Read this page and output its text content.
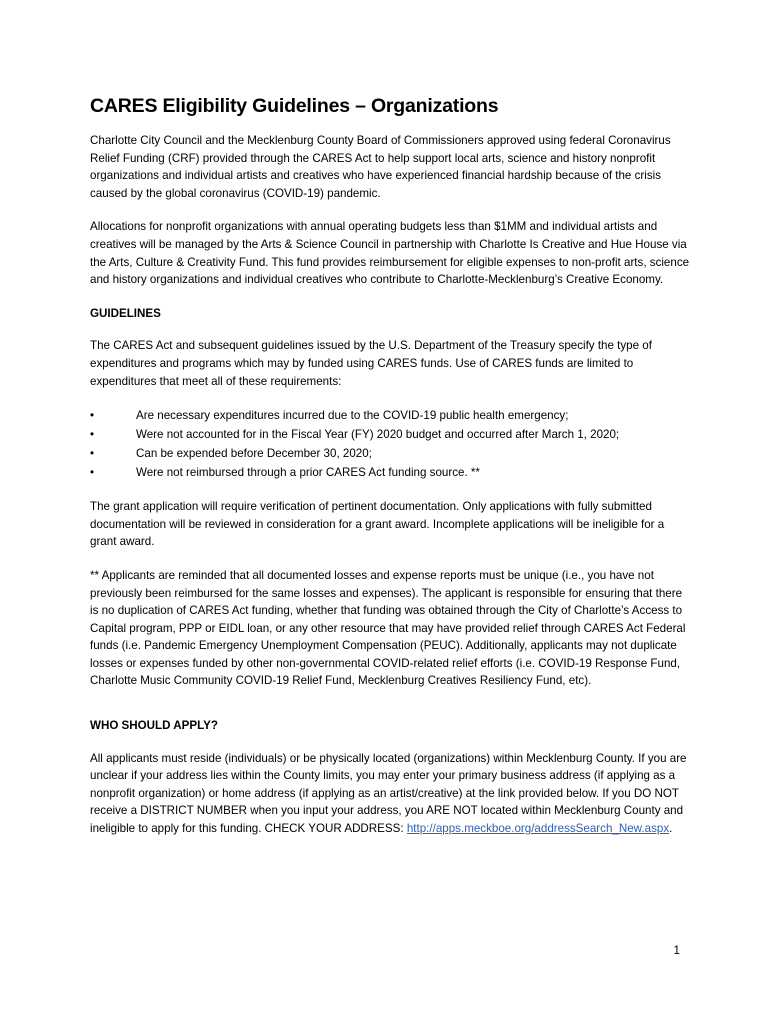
CARES Eligibility Guidelines – Organizations

Charlotte City Council and the Mecklenburg County Board of Commissioners approved using federal Coronavirus Relief Funding (CRF) provided through the CARES Act to help support local arts, science and history nonprofit organizations and individual artists and creatives who have experienced financial hardship because of the crisis caused by the global coronavirus (COVID-19) pandemic.

Allocations for nonprofit organizations with annual operating budgets less than $1MM and individual artists and creatives will be managed by the Arts & Science Council in partnership with Charlotte Is Creative and Hue House via the Arts, Culture & Creativity Fund. This fund provides reimbursement for eligible expenses to non-profit arts, science and history organizations and individual creatives who contribute to Charlotte-Mecklenburg’s Creative Economy.

GUIDELINES

The CARES Act and subsequent guidelines issued by the U.S. Department of the Treasury specify the type of expenditures and programs which may by funded using CARES funds. Use of CARES funds are limited to expenditures that meet all of these requirements:

•	Are necessary expenditures incurred due to the COVID-19 public health emergency;
•	Were not accounted for in the Fiscal Year (FY) 2020 budget and occurred after March 1, 2020;
•	Can be expended before December 30, 2020;
•	Were not reimbursed through a prior CARES Act funding source. **

The grant application will require verification of pertinent documentation. Only applications with fully submitted documentation will be reviewed in consideration for a grant award. Incomplete applications will be ineligible for a grant award.

** Applicants are reminded that all documented losses and expense reports must be unique (i.e., you have not previously been reimbursed for the same losses and expenses). The applicant is responsible for ensuring that there is no duplication of CARES Act funding, whether that funding was obtained through the City of Charlotte’s Access to Capital program, PPP or EIDL loan, or any other resource that may have provided relief through CARES Act Federal funds (i.e. Pandemic Emergency Unemployment Compensation (PEUC). Additionally, applicants may not duplicate losses or expenses funded by other non-governmental COVID-related relief efforts (i.e. COVID-19 Response Fund, Charlotte Music Community COVID-19 Relief Fund, Mecklenburg Creatives Resiliency Fund, etc).

WHO SHOULD APPLY?

All applicants must reside (individuals) or be physically located (organizations) within Mecklenburg County. If you are unclear if your address lies within the County limits, you may enter your primary business address (if applying as a nonprofit organization) or home address (if applying as an artist/creative) at the link provided below. If you DO NOT receive a DISTRICT NUMBER when you input your address, you ARE NOT located within Mecklenburg County and ineligible to apply for this funding. CHECK YOUR ADDRESS: http://apps.meckboe.org/addressSearch_New.aspx.

1
